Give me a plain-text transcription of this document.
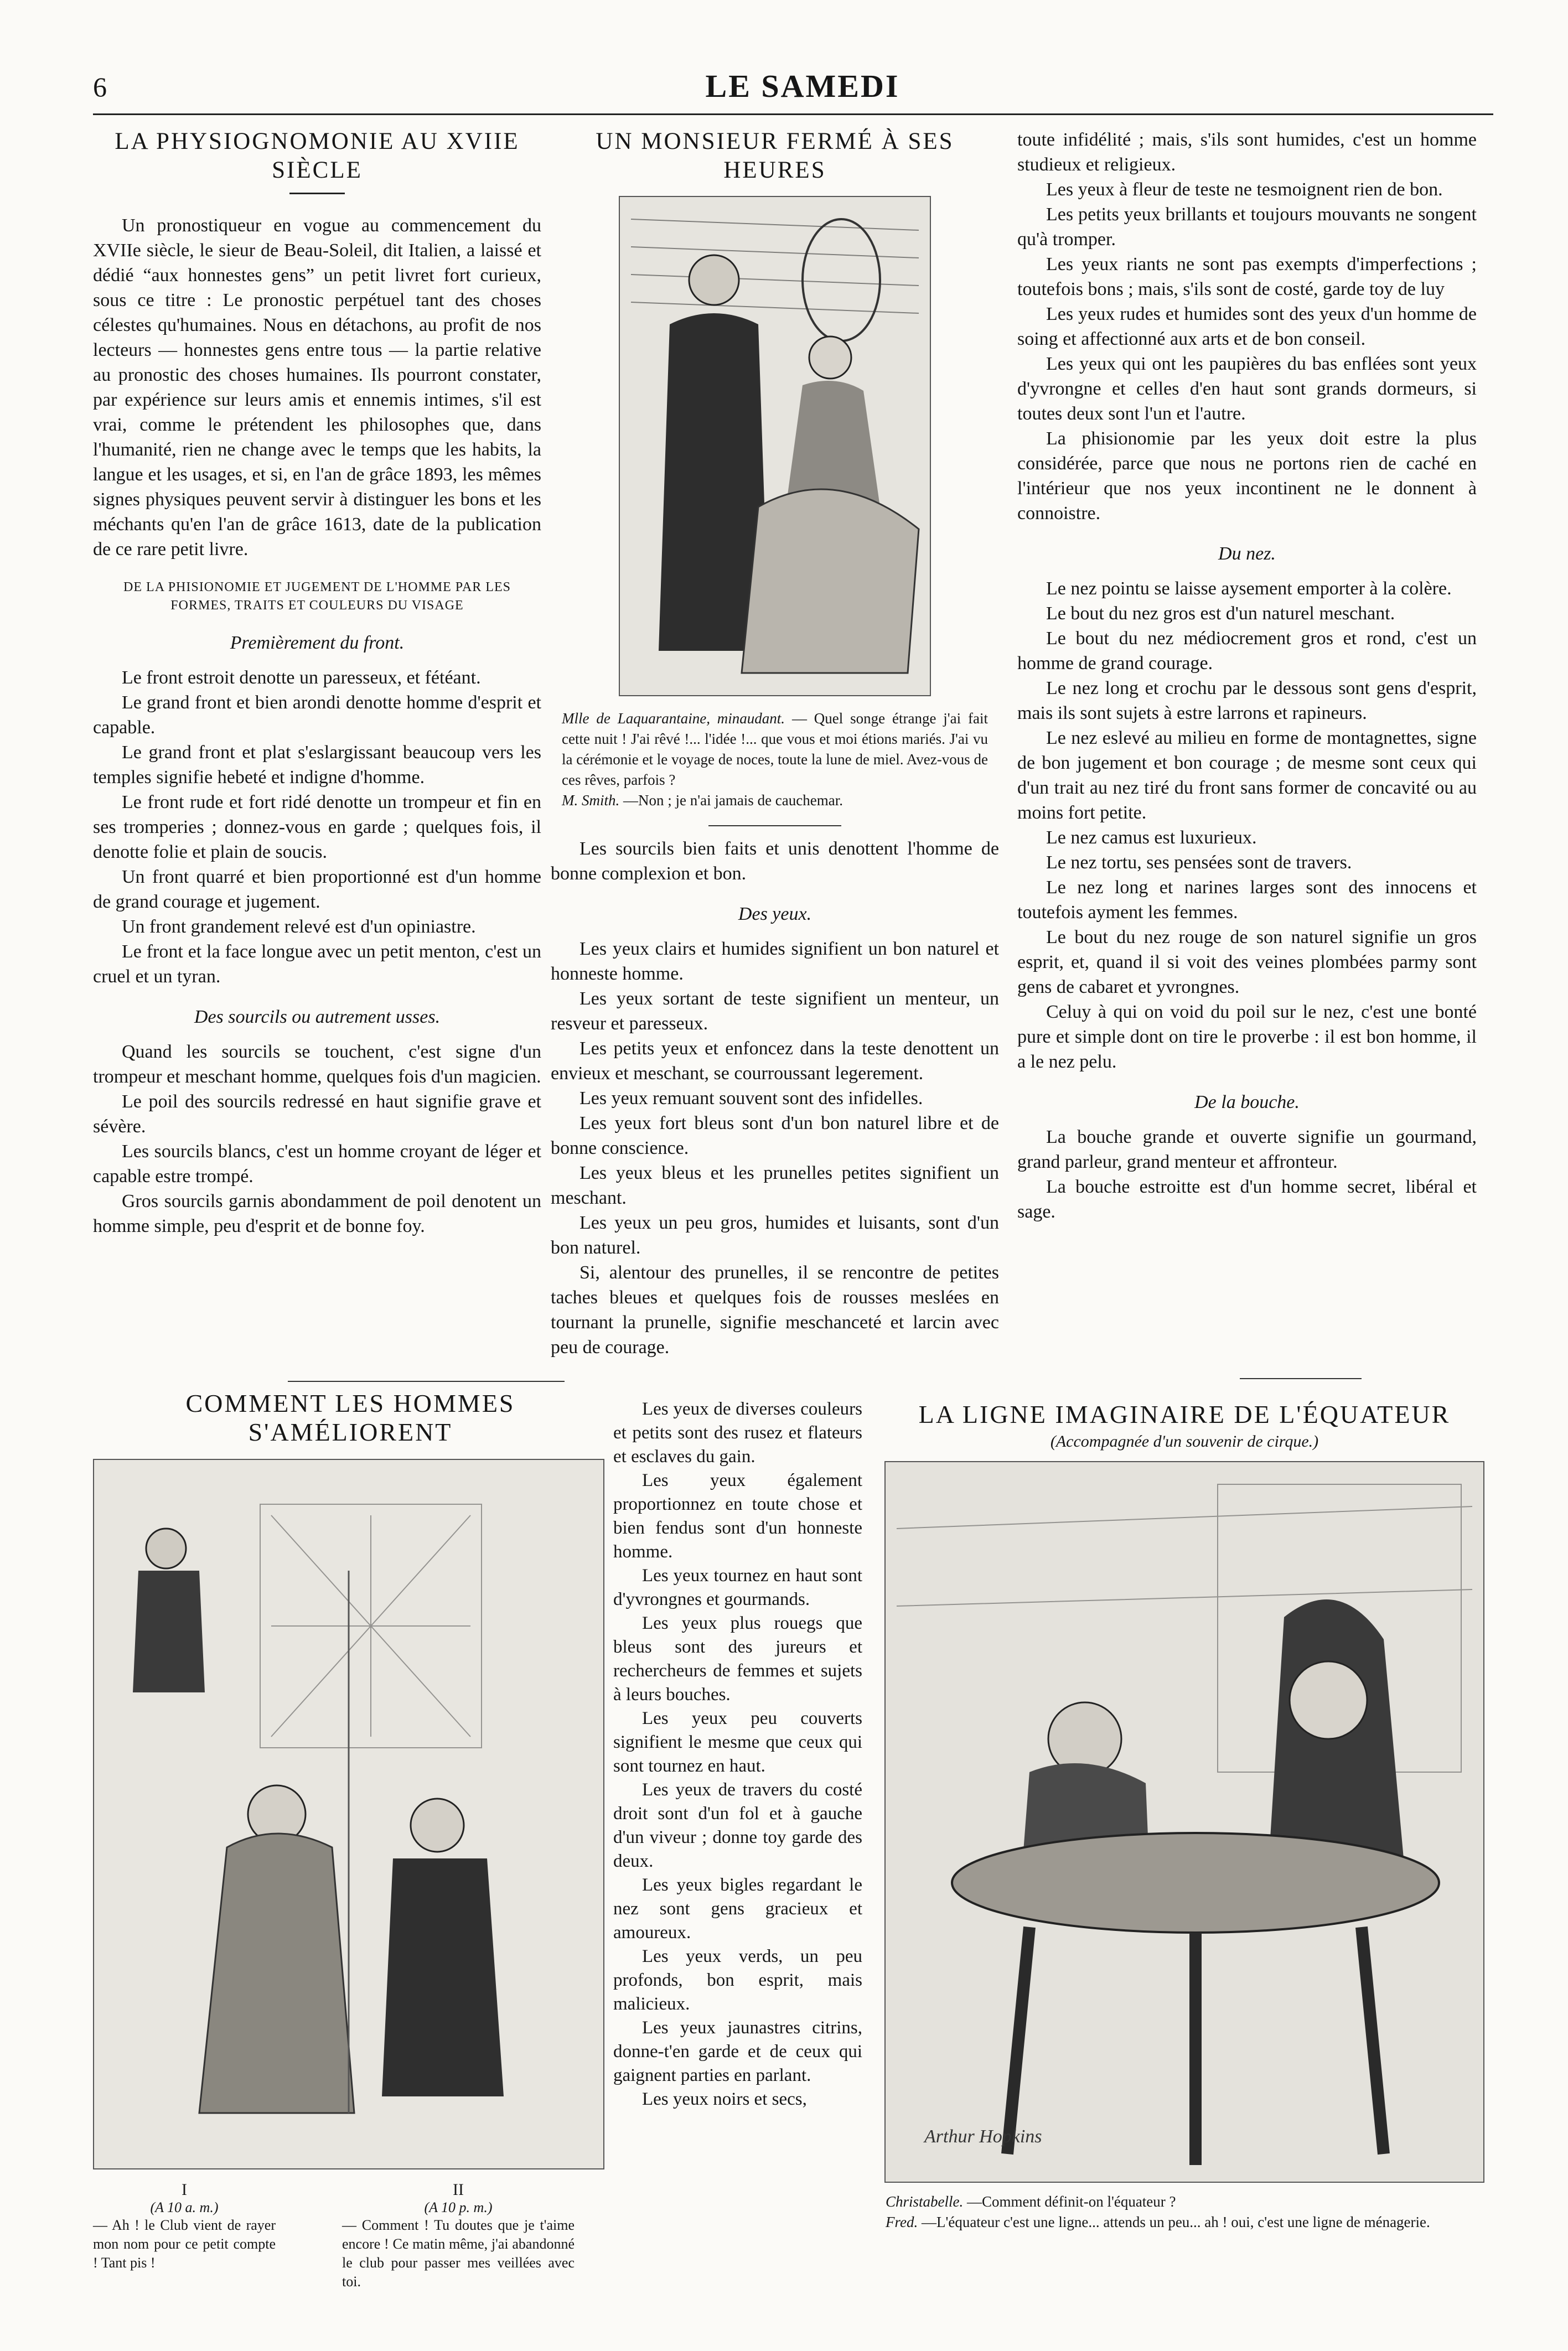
6	LE SAMEDI
LA PHYSIOGNOMONIE AU XVIIE SIÈCLE

Un pronostiqueur en vogue au commencement du XVIIe siècle, le sieur de Beau-Soleil, dit Italien, a laissé et dédié “aux honnestes gens” un petit livret fort curieux, sous ce titre : Le pronostic perpétuel tant des choses célestes qu'humaines. Nous en détachons, au profit de nos lecteurs — honnestes gens entre tous — la partie relative au pronostic des choses humaines. Ils pourront constater, par expérience sur leurs amis et ennemis intimes, s'il est vrai, comme le prétendent les philosophes que, dans l'humanité, rien ne change avec le temps que les habits, la langue et les usages, et si, en l'an de grâce 1893, les mêmes signes physiques peuvent servir à distinguer les bons et les méchants qu'en l'an de grâce 1613, date de la publication de ce rare petit livre.

DE LA PHISIONOMIE ET JUGEMENT DE L'HOMME PAR LES FORMES, TRAITS ET COULEURS DU VISAGE
Premièrement du front.

Le front estroit denotte un paresseux, et fétéant.

Le grand front et bien arondi denotte homme d'esprit et capable.

Le grand front et plat s'eslargissant beaucoup vers les temples signifie hebeté et indigne d'homme.

Le front rude et fort ridé denotte un trompeur et fin en ses tromperies ; donnez-vous en garde ; quelques fois, il denotte folie et plain de soucis.

Un front quarré et bien proportionné est d'un homme de grand courage et jugement.

Un front grandement relevé est d'un opiniastre.

Le front et la face longue avec un petit menton, c'est un cruel et un tyran.

Des sourcils ou autrement usses.

Quand les sourcils se touchent, c'est signe d'un trompeur et meschant homme, quelques fois d'un magicien.

Le poil des sourcils redressé en haut signifie grave et sévère.

Les sourcils blancs, c'est un homme croyant de léger et capable estre trompé.

Gros sourcils garnis abondamment de poil denotent un homme simple, peu d'esprit et de bonne foy.

UN MONSIEUR FERMÉ À SES HEURES
Mlle de Laquarantaine, minaudant. — Quel songe étrange j'ai fait cette nuit ! J'ai rêvé !... l'idée !... que vous et moi étions mariés. J'ai vu la cérémonie et le voyage de noces, toute la lune de miel. Avez-vous de ces rêves, parfois ?
M. Smith. —Non ; je n'ai jamais de cauchemar.

Les sourcils bien faits et unis denottent l'homme de bonne complexion et bon.

Des yeux.

Les yeux clairs et humides signifient un bon naturel et honneste homme.

Les yeux sortant de teste signifient un menteur, un resveur et paresseux.

Les petits yeux et enfoncez dans la teste denottent un envieux et meschant, se courroussant legerement.

Les yeux remuant souvent sont des infidelles.

Les yeux fort bleus sont d'un bon naturel libre et de bonne conscience.

Les yeux bleus et les prunelles petites signifient un meschant.

Les yeux un peu gros, humides et luisants, sont d'un bon naturel.

Si, alentour des prunelles, il se rencontre de petites taches bleues et quelques fois de rousses meslées en tournant la prunelle, signifie meschanceté et larcin avec peu de courage.

toute infidélité ; mais, s'ils sont humides, c'est un homme studieux et religieux.

Les yeux à fleur de teste ne tesmoignent rien de bon.

Les petits yeux brillants et toujours mouvants ne songent qu'à tromper.

Les yeux riants ne sont pas exempts d'imperfections ; toutefois bons ; mais, s'ils sont de costé, garde toy de luy

Les yeux rudes et humides sont des yeux d'un homme de soing et affectionné aux arts et de bon conseil.

Les yeux qui ont les paupières du bas enflées sont yeux d'yvrongne et celles d'en haut sont grands dormeurs, si toutes deux sont l'un et l'autre.

La phisionomie par les yeux doit estre la plus considérée, parce que nous ne portons rien de caché en l'intérieur que nos yeux incontinent ne le donnent à connoistre.

Du nez.

Le nez pointu se laisse aysement emporter à la colère.

Le bout du nez gros est d'un naturel meschant.

Le bout du nez médiocrement gros et rond, c'est un homme de grand courage.

Le nez long et crochu par le dessous sont gens d'esprit, mais ils sont sujets à estre larrons et rapineurs.

Le nez eslevé au milieu en forme de montagnettes, signe de bon jugement et bon courage ; de mesme sont ceux qui d'un trait au nez tiré du front sans former de concavité ou au moins fort petite.

Le nez camus est luxurieux.

Le nez tortu, ses pensées sont de travers.

Le nez long et narines larges sont des innocens et toutefois ayment les femmes.

Le bout du nez rouge de son naturel signifie un gros esprit, et, quand il si voit des veines plombées parmy sont gens de cabaret et yvrongnes.

Celuy à qui on void du poil sur le nez, c'est une bonté pure et simple dont on tire le proverbe : il est bon homme, il a le nez pelu.

De la bouche.

La bouche grande et ouverte signifie un gourmand, grand parleur, grand menteur et affronteur.

La bouche estroitte est d'un homme secret, libéral et sage.

COMMENT LES HOMMES S'AMÉLIORENT
I
(A 10 a. m.)
— Ah ! le Club vient de rayer mon nom pour ce petit compte ! Tant pis !
II
(A 10 p. m.)
— Comment ! Tu doutes que je t'aime encore ! Ce matin même, j'ai abandonné le club pour passer mes veillées avec toi.

Les yeux de diverses couleurs et petits sont des rusez et flateurs et esclaves du gain.

Les yeux également proportionnez en toute chose et bien fendus sont d'un honneste homme.

Les yeux tournez en haut sont d'yvrongnes et gourmands.

Les yeux plus rouegs que bleus sont des jureurs et rechercheurs de femmes et sujets à leurs bouches.

Les yeux peu couverts signifient le mesme que ceux qui sont tournez en haut.

Les yeux de travers du costé droit sont d'un fol et à gauche d'un viveur ; donne toy garde des deux.

Les yeux bigles regardant le nez sont gens gracieux et amoureux.

Les yeux verds, un peu profonds, bon esprit, mais malicieux.

Les yeux jaunastres citrins, donne-t'en garde et de ceux qui gaignent parties en parlant.

Les yeux noirs et secs,

LA LIGNE IMAGINAIRE DE L'ÉQUATEUR
(Accompagnée d'un souvenir de cirque.)
Arthur Hopkins
Christabelle. —Comment définit-on l'équateur ?
Fred. —L'équateur c'est une ligne... attends un peu... ah ! oui, c'est une ligne de ménagerie.
